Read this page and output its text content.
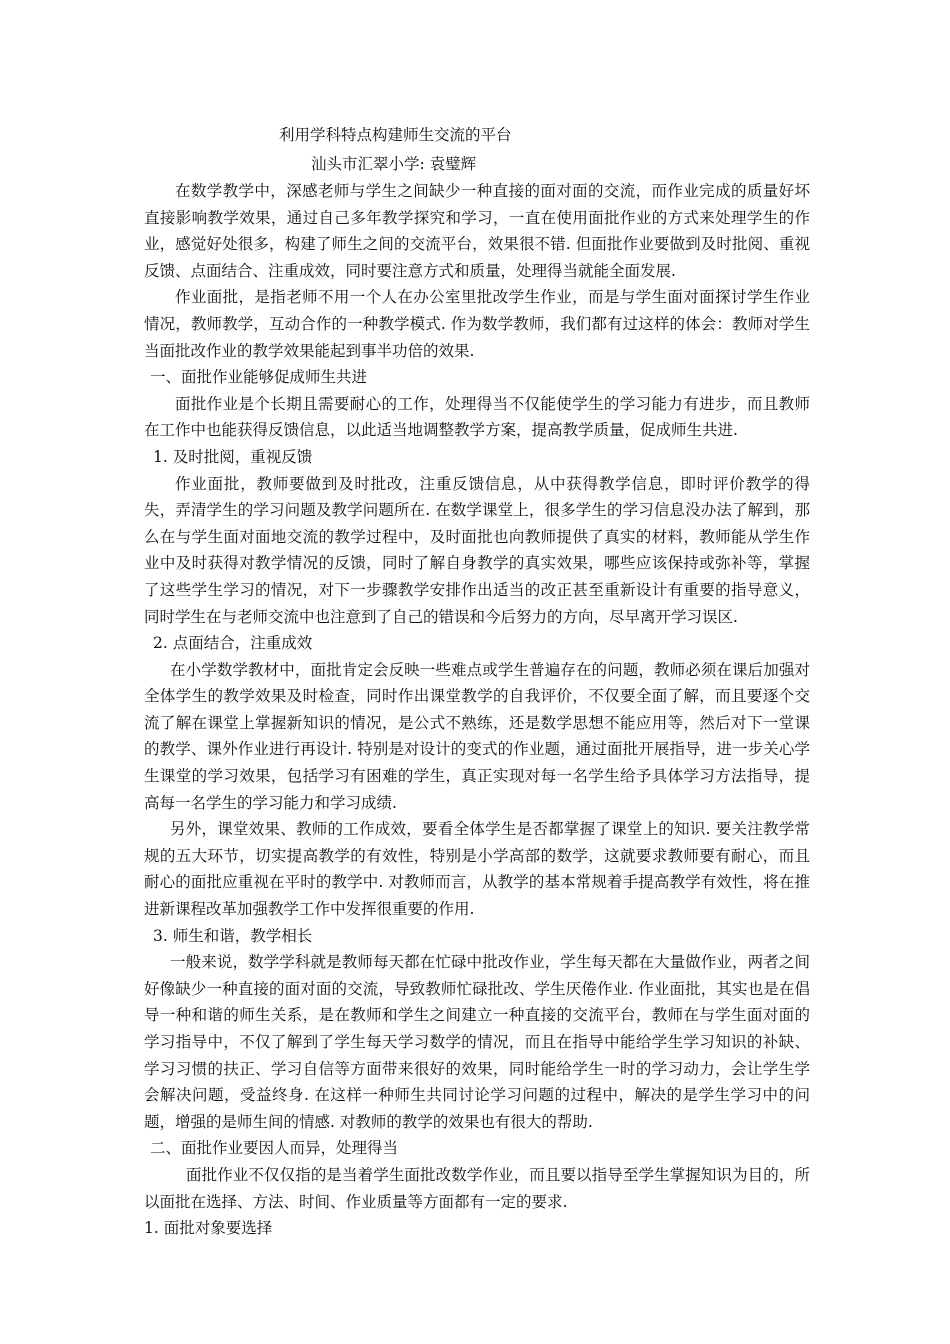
利用学科特点构建师生交流的平台
汕头市汇翠小学: 袁璧辉

在数学教学中，深感老师与学生之间缺少一种直接的面对面的交流，而作业完成的质量好坏直接影响教学效果，通过自己多年教学探究和学习，一直在使用面批作业的方式来处理学生的作业，感觉好处很多，构建了师生之间的交流平台，效果很不错. 但面批作业要做到及时批阅、重视反馈、点面结合、注重成效，同时要注意方式和质量，处理得当就能全面发展.

作业面批，是指老师不用一个人在办公室里批改学生作业，而是与学生面对面探讨学生作业情况，教师教学，互动合作的一种教学模式. 作为数学教师，我们都有过这样的体会：教师对学生当面批改作业的教学效果能起到事半功倍的效果.

一、面批作业能够促成师生共进

面批作业是个长期且需要耐心的工作，处理得当不仅能使学生的学习能力有进步，而且教师在工作中也能获得反馈信息，以此适当地调整教学方案，提高教学质量，促成师生共进.

1. 及时批阅，重视反馈

作业面批，教师要做到及时批改，注重反馈信息，从中获得教学信息，即时评价教学的得失，弄清学生的学习问题及教学问题所在. 在数学课堂上，很多学生的学习信息没办法了解到，那么在与学生面对面地交流的教学过程中，及时面批也向教师提供了真实的材料，教师能从学生作业中及时获得对教学情况的反馈，同时了解自身教学的真实效果，哪些应该保持或弥补等，掌握了这些学生学习的情况，对下一步骤教学安排作出适当的改正甚至重新设计有重要的指导意义，同时学生在与老师交流中也注意到了自己的错误和今后努力的方向，尽早离开学习误区.

2. 点面结合，注重成效

在小学数学教材中，面批肯定会反映一些难点或学生普遍存在的问题，教师必须在课后加强对全体学生的教学效果及时检查，同时作出课堂教学的自我评价，不仅要全面了解，而且要逐个交流了解在课堂上掌握新知识的情况，是公式不熟练，还是数学思想不能应用等，然后对下一堂课的教学、课外作业进行再设计. 特别是对设计的变式的作业题，通过面批开展指导，进一步关心学生课堂的学习效果，包括学习有困难的学生，真正实现对每一名学生给予具体学习方法指导，提高每一名学生的学习能力和学习成绩.

另外，课堂效果、教师的工作成效，要看全体学生是否都掌握了课堂上的知识. 要关注教学常规的五大环节，切实提高教学的有效性，特别是小学高部的数学，这就要求教师要有耐心，而且耐心的面批应重视在平时的教学中. 对教师而言，从教学的基本常规着手提高教学有效性，将在推进新课程改革加强教学工作中发挥很重要的作用.

3. 师生和谐，教学相长

一般来说，数学学科就是教师每天都在忙碌中批改作业，学生每天都在大量做作业，两者之间好像缺少一种直接的面对面的交流，导致教师忙碌批改、学生厌倦作业. 作业面批，其实也是在倡导一种和谐的师生关系，是在教师和学生之间建立一种直接的交流平台，教师在与学生面对面的学习指导中，不仅了解到了学生每天学习数学的情况，而且在指导中能给学生学习知识的补缺、学习习惯的扶正、学习自信等方面带来很好的效果，同时能给学生一时的学习动力，会让学生学会解决问题，受益终身. 在这样一种师生共同讨论学习问题的过程中，解决的是学生学习中的问题，增强的是师生间的情感. 对教师的教学的效果也有很大的帮助.

二、面批作业要因人而异，处理得当

面批作业不仅仅指的是当着学生面批改数学作业，而且要以指导至学生掌握知识为目的，所以面批在选择、方法、时间、作业质量等方面都有一定的要求.

1. 面批对象要选择
